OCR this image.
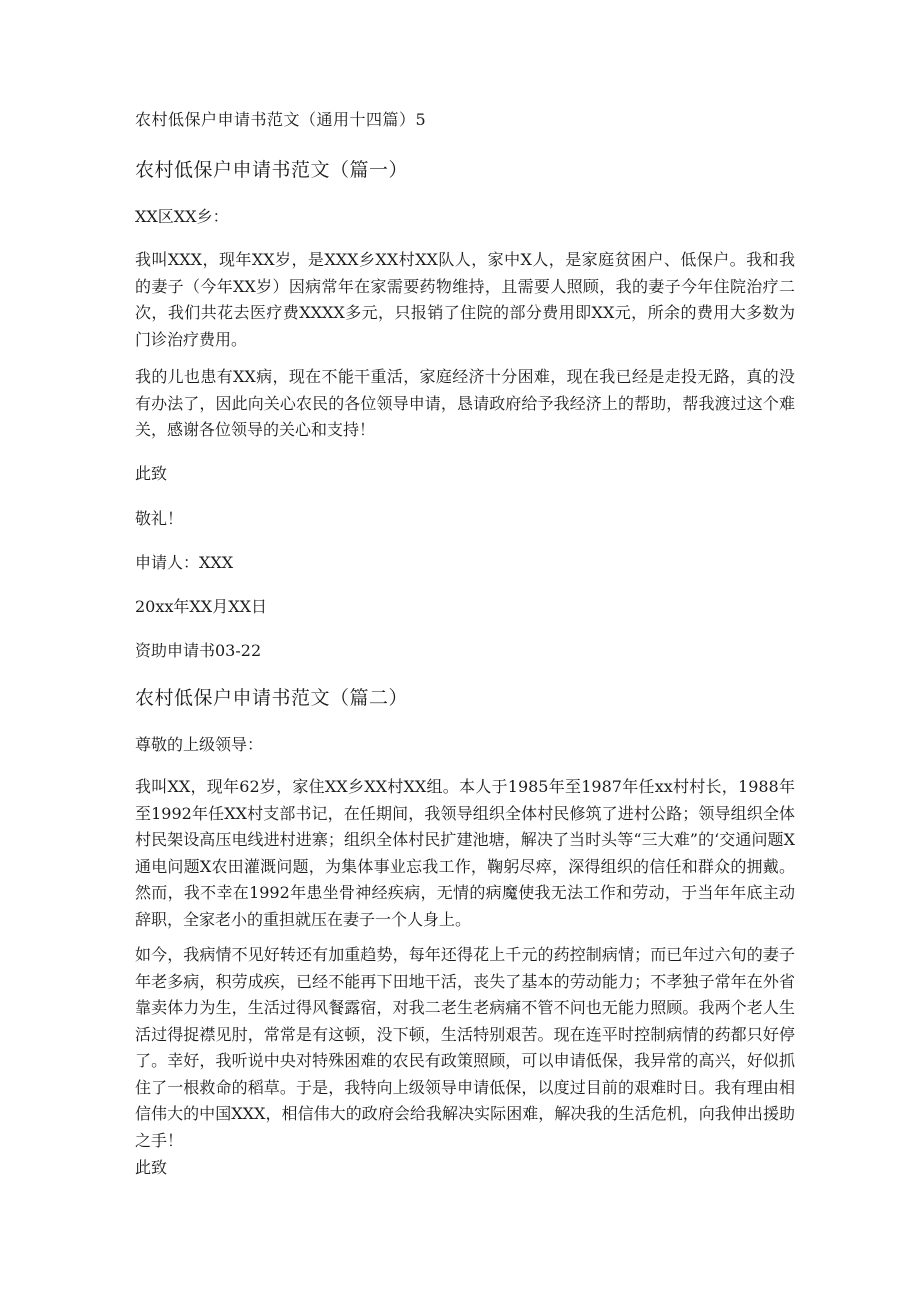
农村低保户申请书范文（通用十四篇）5
农村低保户申请书范文（篇一）
XX区XX乡：
我叫XXX，现年XX岁，是XXX乡XX村XX队人，家中X人，是家庭贫困户、低保户。我和我的妻子（今年XX岁）因病常年在家需要药物维持，且需要人照顾，我的妻子今年住院治疗二次，我们共花去医疗费XXXX多元，只报销了住院的部分费用即XX元，所余的费用大多数为门诊治疗费用。
我的儿也患有XX病，现在不能干重活，家庭经济十分困难，现在我已经是走投无路，真的没有办法了，因此向关心农民的各位领导申请，恳请政府给予我经济上的帮助，帮我渡过这个难关，感谢各位领导的关心和支持！
此致
敬礼！
申请人：XXX
20xx年XX月XX日
资助申请书03-22
农村低保户申请书范文（篇二）
尊敬的上级领导：
我叫XX，现年62岁，家住XX乡XX村XX组。本人于1985年至1987年任xx村村长，1988年至1992年任XX村支部书记，在任期间，我领导组织全体村民修筑了进村公路；领导组织全体村民架设高压电线进村进寨；组织全体村民扩建池塘，解决了当时头等“三大难”的‘交通问题X通电问题X农田灌溉问题，为集体事业忘我工作，鞠躬尽瘁，深得组织的信任和群众的拥戴。然而，我不幸在1992年患坐骨神经疾病，无情的病魔使我无法工作和劳动，于当年年底主动辞职，全家老小的重担就压在妻子一个人身上。
如今，我病情不见好转还有加重趋势，每年还得花上千元的药控制病情；而已年过六旬的妻子年老多病，积劳成疾，已经不能再下田地干活，丧失了基本的劳动能力；不孝独子常年在外省靠卖体力为生，生活过得风餐露宿，对我二老生老病痛不管不问也无能力照顾。我两个老人生活过得捉襟见肘，常常是有这顿，没下顿，生活特别艰苦。现在连平时控制病情的药都只好停了。幸好，我听说中央对特殊困难的农民有政策照顾，可以申请低保，我异常的高兴，好似抓住了一根救命的稻草。于是，我特向上级领导申请低保，以度过目前的艰难时日。我有理由相信伟大的中国XXX，相信伟大的政府会给我解决实际困难，解决我的生活危机，向我伸出援助之手！
此致
